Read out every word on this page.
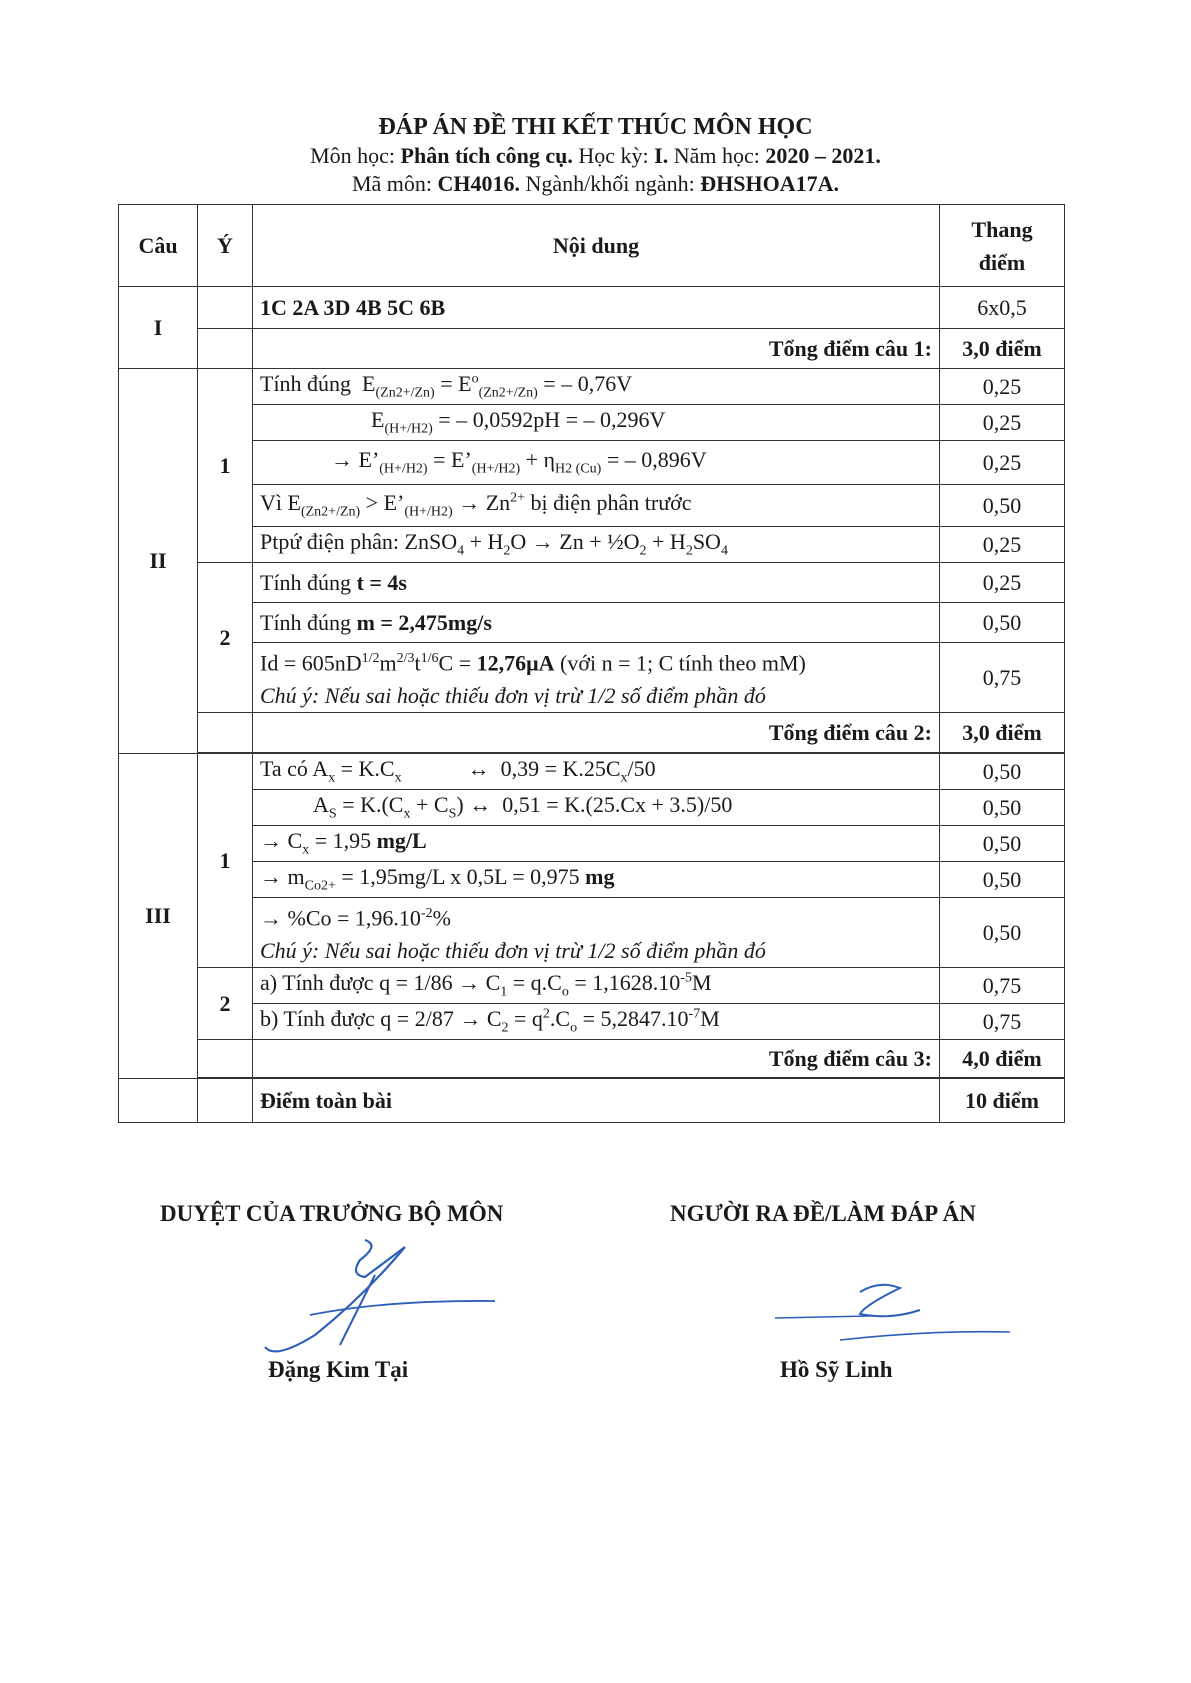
ĐÁP ÁN ĐỀ THI KẾT THÚC MÔN HỌC
Môn học: Phân tích công cụ. Học kỳ: I. Năm học: 2020 – 2021.
Mã môn: CH4016. Ngành/khối ngành: ĐHSHOA17A.
Câu	Ý	Nội dung	Thang
điểm
I		1C 2A 3D 4B 5C 6B	6x0,5
		Tổng điểm câu 1:	3,0 điểm
II	1	Tính đúng  $E_{(Zn2+/Zn)} = E^o_{(Zn2+/Zn)}$ = – 0,76V	0,25
		$E_{(H+/H2)}$ = – 0,0592pH = – 0,296V	0,25
		→ $E’_{(H+/H2)}$ = $E’_{(H+/H2)} + \eta_{H2 (Cu)}$ = – 0,896V	0,25
		Vì $E_{(Zn2+/Zn)}$ > $E’_{(H+/H2)} \to Zn^{2+}$ bị điện phân trước	0,50
		Ptpứ điện phân: ZnSO$_4$ + $H_2O \to Zn$ + $\frac{1}{2}O_2 + H_2SO_4$	0,25
	2	Tính đúng t = 4s	0,25
		Tính đúng m = 2,475mg/s	0,50
		$Id = 605nD^{1/2}m^{2/3}t^{1/6}C = 12,76\mu A$ (với n = 1; C tính theo mM)
Chú ý: Nếu sai hoặc thiếu đơn vị trừ 1/2 số điểm phần đó	0,75
		Tổng điểm câu 2:	3,0 điểm

III	1	Ta có $A_x = K.C_x$            ↔  $0,39 = K.25C_x/50$	0,50
		$A_S = K.(C_x + C_S)$ ↔  0,51 = K.(25.Cx + 3.5)/50	0,50
		→ $C_x = 1,95$ mg/L	0,50
		→ $m_{Co2+} = 1,95mg/L$ x 0,5L = 0,975 mg	0,50
		→ $\%Co = 1,96.10^{-2}\%$
Chú ý: Nếu sai hoặc thiếu đơn vị trừ 1/2 số điểm phần đó	0,50
	2	a) Tính được $q = 1/86 \to C_1 = q.C_o = 1,1628.10^{-5}M$	0,75
		b) Tính được $q = 2/87 \to C_2 = q^2.C_o = 5,2847.10^{-7}M$	0,75
		Tổng điểm câu 3:	4,0 điểm

		Điểm toàn bài	10 điểm
DUYỆT CỦA TRƯỞNG BỘ MÔN	NGƯỜI RA ĐỀ/LÀM ĐÁP ÁN
Đặng Kim Tại	Hồ Sỹ Linh
